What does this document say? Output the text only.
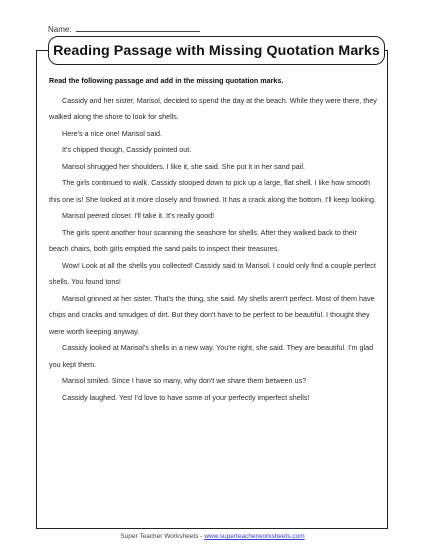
Name:
Reading Passage with Missing Quotation Marks
Read the following passage and add in the missing quotation marks.

Cassidy and her sister, Marisol, decided to spend the day at the beach. While they were there, they walked along the shore to look for shells.

Here's a nice one! Marisol said.

It's chipped though, Cassidy pointed out.

Marisol shrugged her shoulders. I like it, she said. She put it in her sand pail.

The girls continued to walk. Cassidy stooped down to pick up a large, flat shell. I like how smooth this one is! She looked at it more closely and frowned. It has a crack along the bottom. I'll keep looking.

Marisol peered closer. I'll take it. It's really good!

The girls spent another hour scanning the seashore for shells. After they walked back to their beach chairs, both girls emptied the sand pails to inspect their treasures.

Wow! Look at all the shells you collected! Cassidy said to Marisol. I could only find a couple perfect shells. You found tons!

Marisol grinned at her sister. That's the thing, she said. My shells aren't perfect. Most of them have chips and cracks and smudges of dirt. But they don't have to be perfect to be beautiful. I thought they were worth keeping anyway.

Cassidy looked at Marisol's shells in a new way. You're right, she said. They are beautiful. I'm glad you kept them.

Marisol smiled. Since I have so many, why don't we share them between us?

Cassidy laughed. Yes! I'd love to have some of your perfectly imperfect shells!

Super Teacher Worksheets - www.superteacherworksheets.com
